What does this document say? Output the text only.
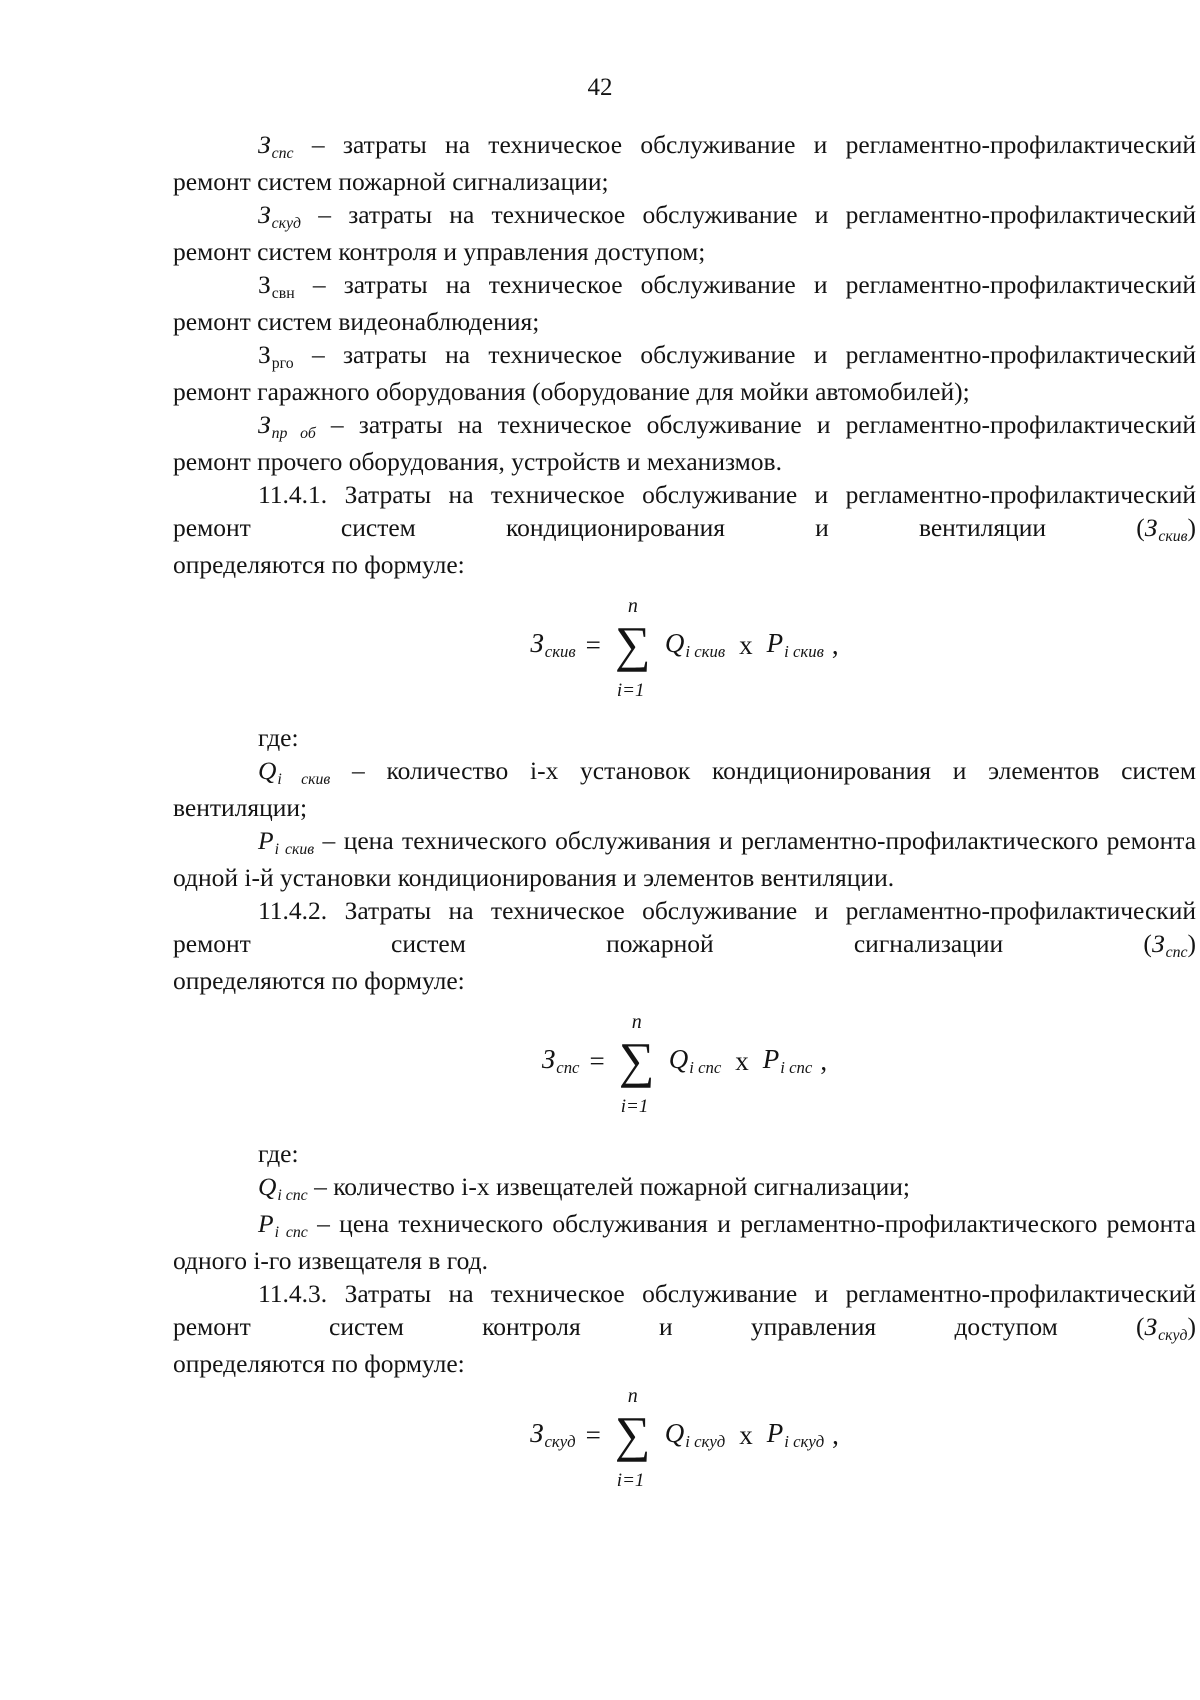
42

Зспс – затраты на техническое обслуживание и регламентно-профилактический ремонт систем пожарной сигнализации;

Зскуд – затраты на техническое обслуживание и регламентно-профилактический ремонт систем контроля и управления доступом;

Зсвн – затраты на техническое обслуживание и регламентно-профилактический ремонт систем видеонаблюдения;

Зрго – затраты на техническое обслуживание и регламентно-профилактический ремонт гаражного оборудования (оборудование для мойки автомобилей);

Зпр об – затраты на техническое обслуживание и регламентно-профилактический ремонт прочего оборудования, устройств и механизмов.

11.4.1. Затраты на техническое обслуживание и регламентно-профилактический ремонт систем кондиционирования и вентиляции (Зскив)

определяются по формуле:

Зскив =
n
∑
i=1
Qi скив x Pi скив ,

где:

Qi скив – количество i-х установок кондиционирования и элементов систем вентиляции;

Pi скив – цена технического обслуживания и регламентно-профилактического ремонта одной i-й установки кондиционирования и элементов вентиляции.

11.4.2. Затраты на техническое обслуживание и регламентно-профилактический ремонт систем пожарной сигнализации (Зспс)

определяются по формуле:

Зспс =
n
∑
i=1
Qi спс x Pi спс ,

где:

Qi спс – количество i-х извещателей пожарной сигнализации;

Pi спс – цена технического обслуживания и регламентно-профилактического ремонта одного i-го извещателя в год.

11.4.3. Затраты на техническое обслуживание и регламентно-профилактический ремонт систем контроля и управления доступом (Зскуд)

определяются по формуле:

Зскуд =
n
∑
i=1
Qi скуд x Pi скуд ,
